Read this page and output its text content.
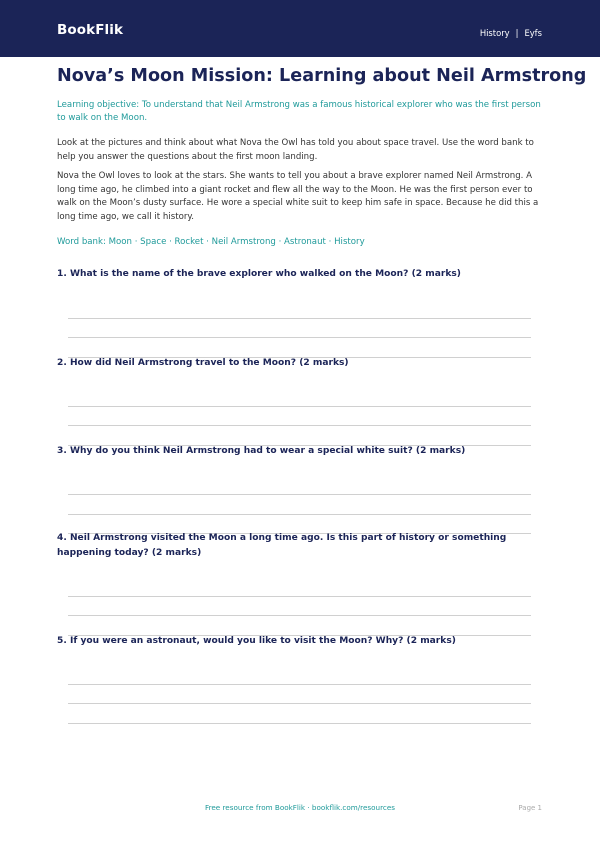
BookFlik	History | Eyfs
Nova’s Moon Mission: Learning about Neil Armstrong
Learning objective: To understand that Neil Armstrong was a famous historical explorer who was the first person to walk on the Moon.
Look at the pictures and think about what Nova the Owl has told you about space travel. Use the word bank to help you answer the questions about the first moon landing.
Nova the Owl loves to look at the stars. She wants to tell you about a brave explorer named Neil Armstrong. A long time ago, he climbed into a giant rocket and flew all the way to the Moon. He was the first person ever to walk on the Moon’s dusty surface. He wore a special white suit to keep him safe in space. Because he did this a long time ago, we call it history.
Word bank: Moon · Space · Rocket · Neil Armstrong · Astronaut · History
1. What is the name of the brave explorer who walked on the Moon? (2 marks)
2. How did Neil Armstrong travel to the Moon? (2 marks)
3. Why do you think Neil Armstrong had to wear a special white suit? (2 marks)
4. Neil Armstrong visited the Moon a long time ago. Is this part of history or something happening today? (2 marks)
5. If you were an astronaut, would you like to visit the Moon? Why? (2 marks)
Free resource from BookFlik · bookflik.com/resources	Page 1
